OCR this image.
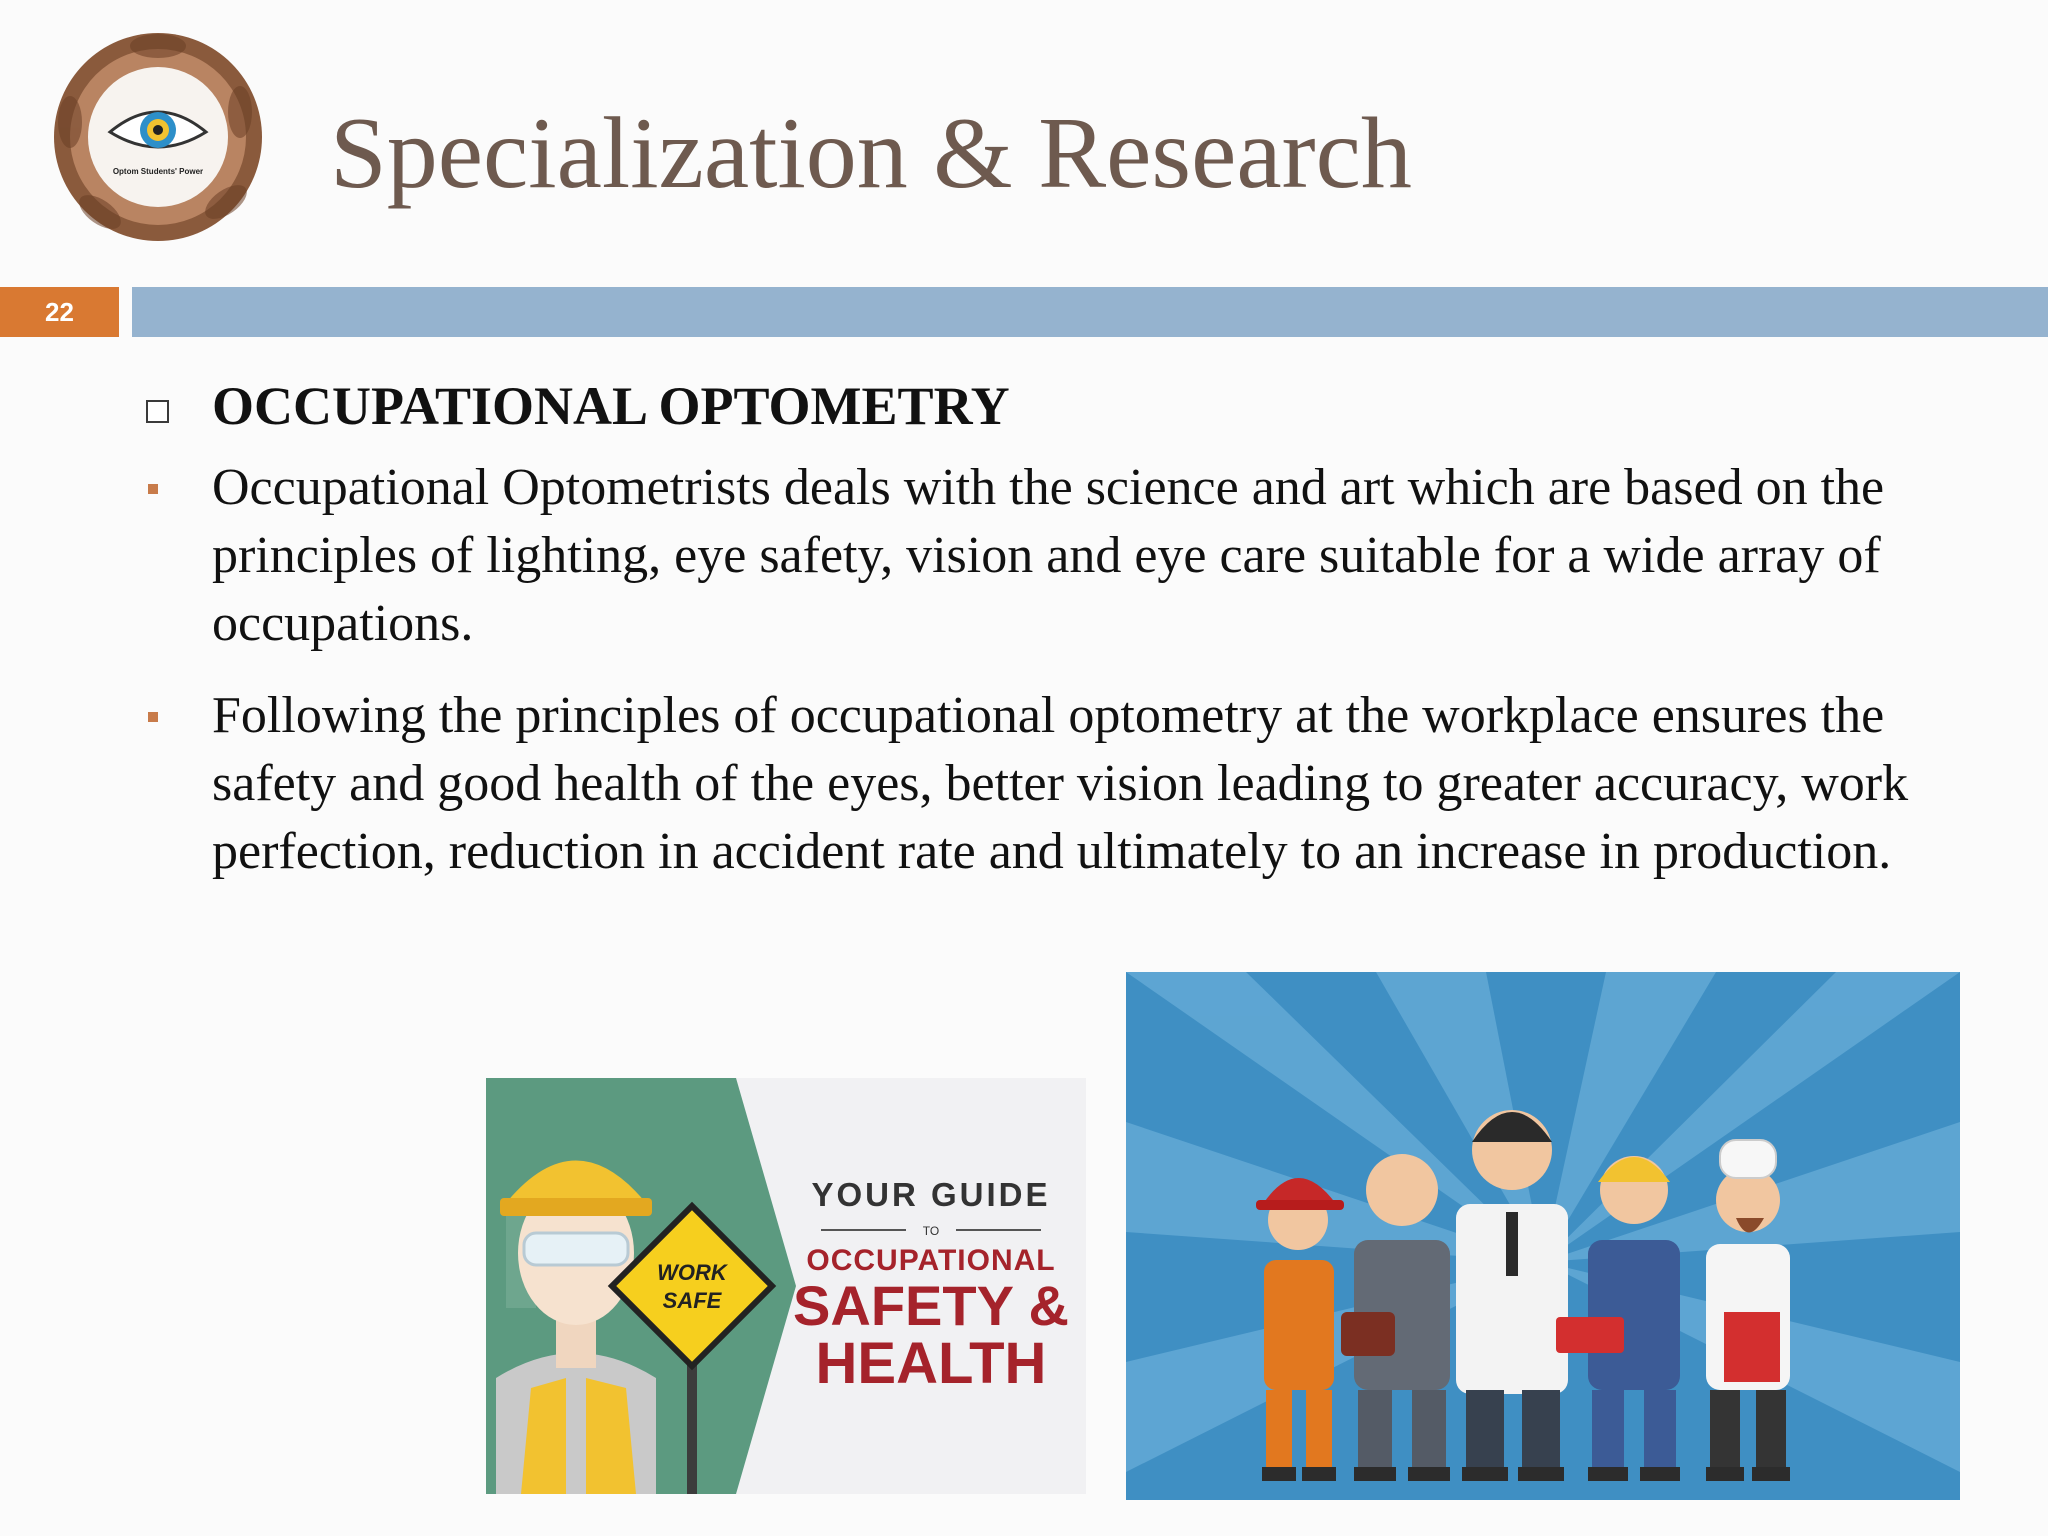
Optom Students' Power Specialization & Research
22
OCCUPATIONAL OPTOMETRY
Occupational Optometrists deals with the science and art which are based on the principles of lighting, eye safety, vision and eye care suitable for a wide array of occupations.
Following the principles of occupational optometry at the workplace ensures the safety and good health of the eyes, better vision leading to greater accuracy, work perfection, reduction in accident rate and ultimately to an increase in production.
WORK
SAFE
YOUR GUIDE
TO
OCCUPATIONAL
SAFETY &
HEALTH
